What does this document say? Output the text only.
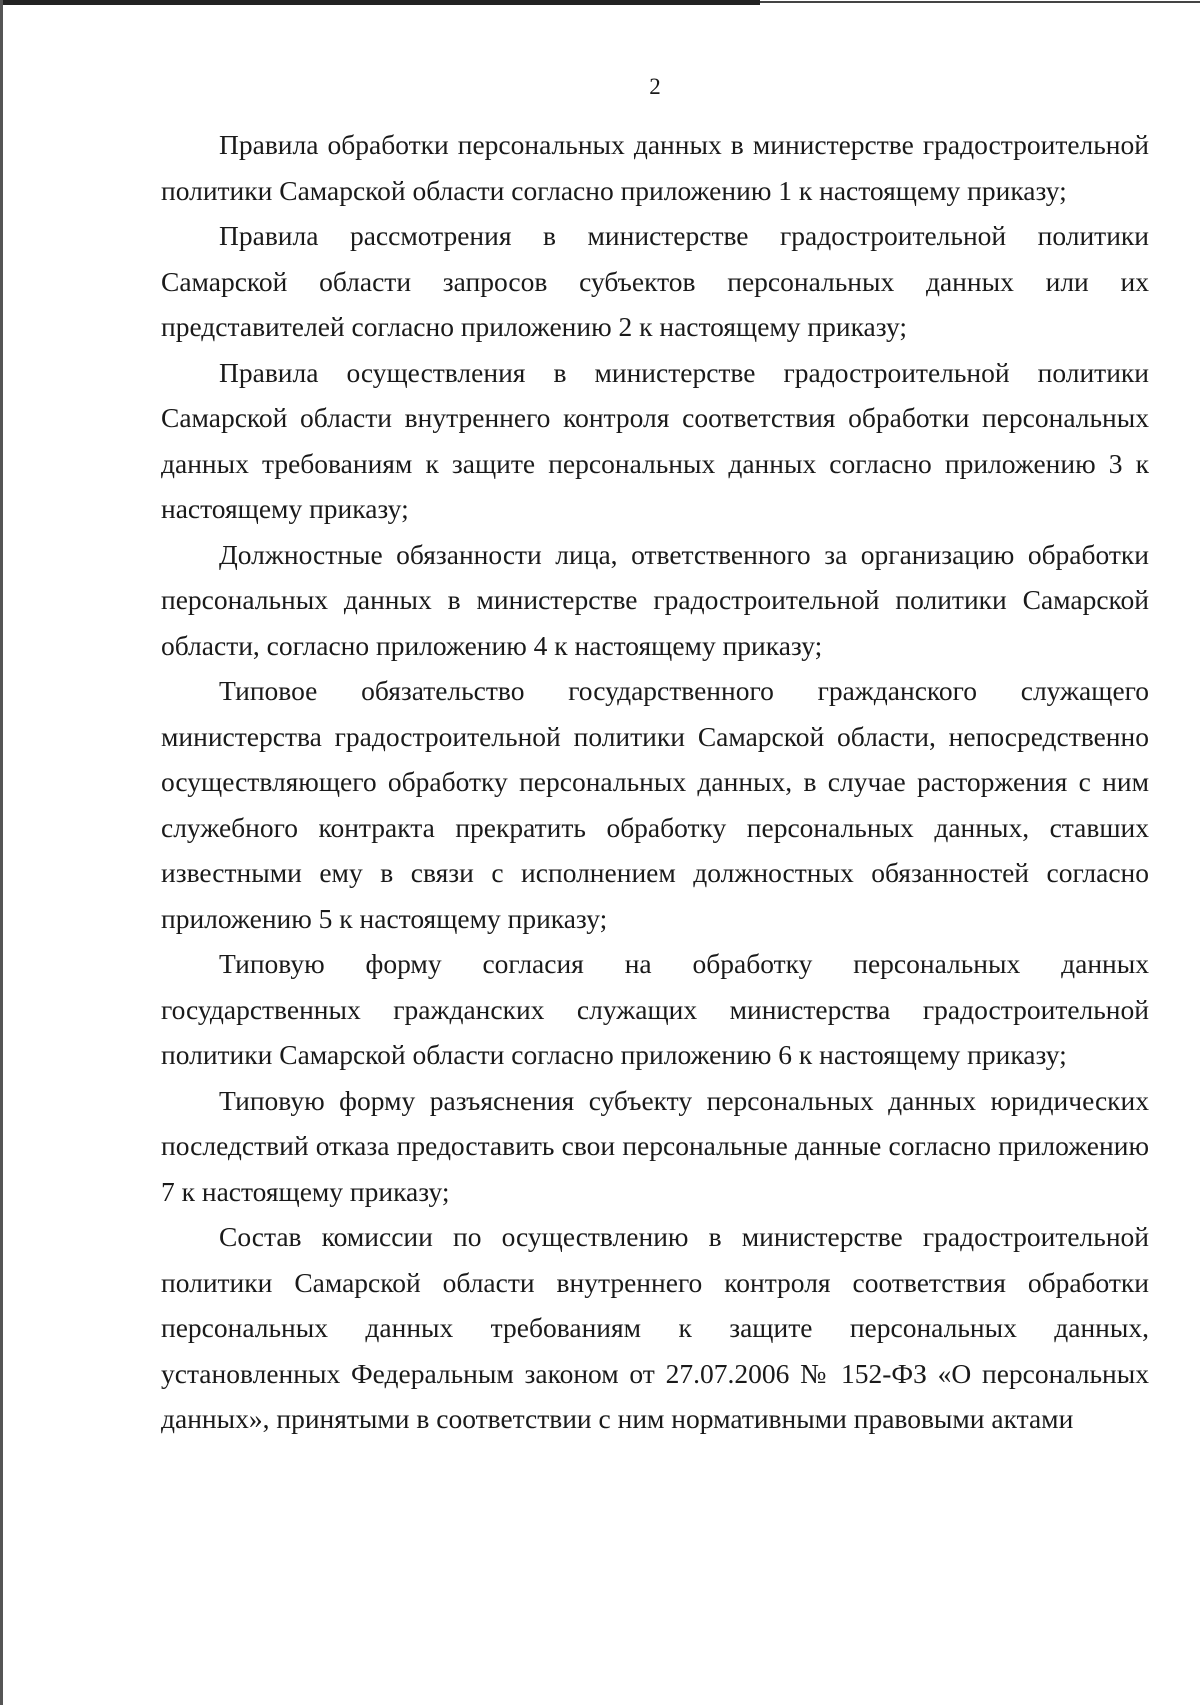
2

Правила обработки персональных данных в министерстве градостроительной политики Самарской области согласно приложению 1 к настоящему приказу;

Правила рассмотрения в министерстве градостроительной политики Самарской области запросов субъектов персональных данных или их представителей согласно приложению 2 к настоящему приказу;

Правила осуществления в министерстве градостроительной политики Самарской области внутреннего контроля соответствия обработки персональных данных требованиям к защите персональных данных согласно приложению 3 к настоящему приказу;

Должностные обязанности лица, ответственного за организацию обработки персональных данных в министерстве градостроительной политики Самарской области, согласно приложению 4 к настоящему приказу;

Типовое обязательство государственного гражданского служащего министерства градостроительной политики Самарской области, непосредственно осуществляющего обработку персональных данных, в случае расторжения с ним служебного контракта прекратить обработку персональных данных, ставших известными ему в связи с исполнением должностных обязанностей согласно приложению 5 к настоящему приказу;

Типовую форму согласия на обработку персональных данных государственных гражданских служащих министерства градостроительной политики Самарской области согласно приложению 6 к настоящему приказу;

Типовую форму разъяснения субъекту персональных данных юридических последствий отказа предоставить свои персональные данные согласно приложению 7 к настоящему приказу;

Состав комиссии по осуществлению в министерстве градостроительной политики Самарской области внутреннего контроля соответствия обработки персональных данных требованиям к защите персональных данных, установленных Федеральным законом от 27.07.2006 № 152-ФЗ «О персональных данных», принятыми в соответствии с ним нормативными правовыми актами
